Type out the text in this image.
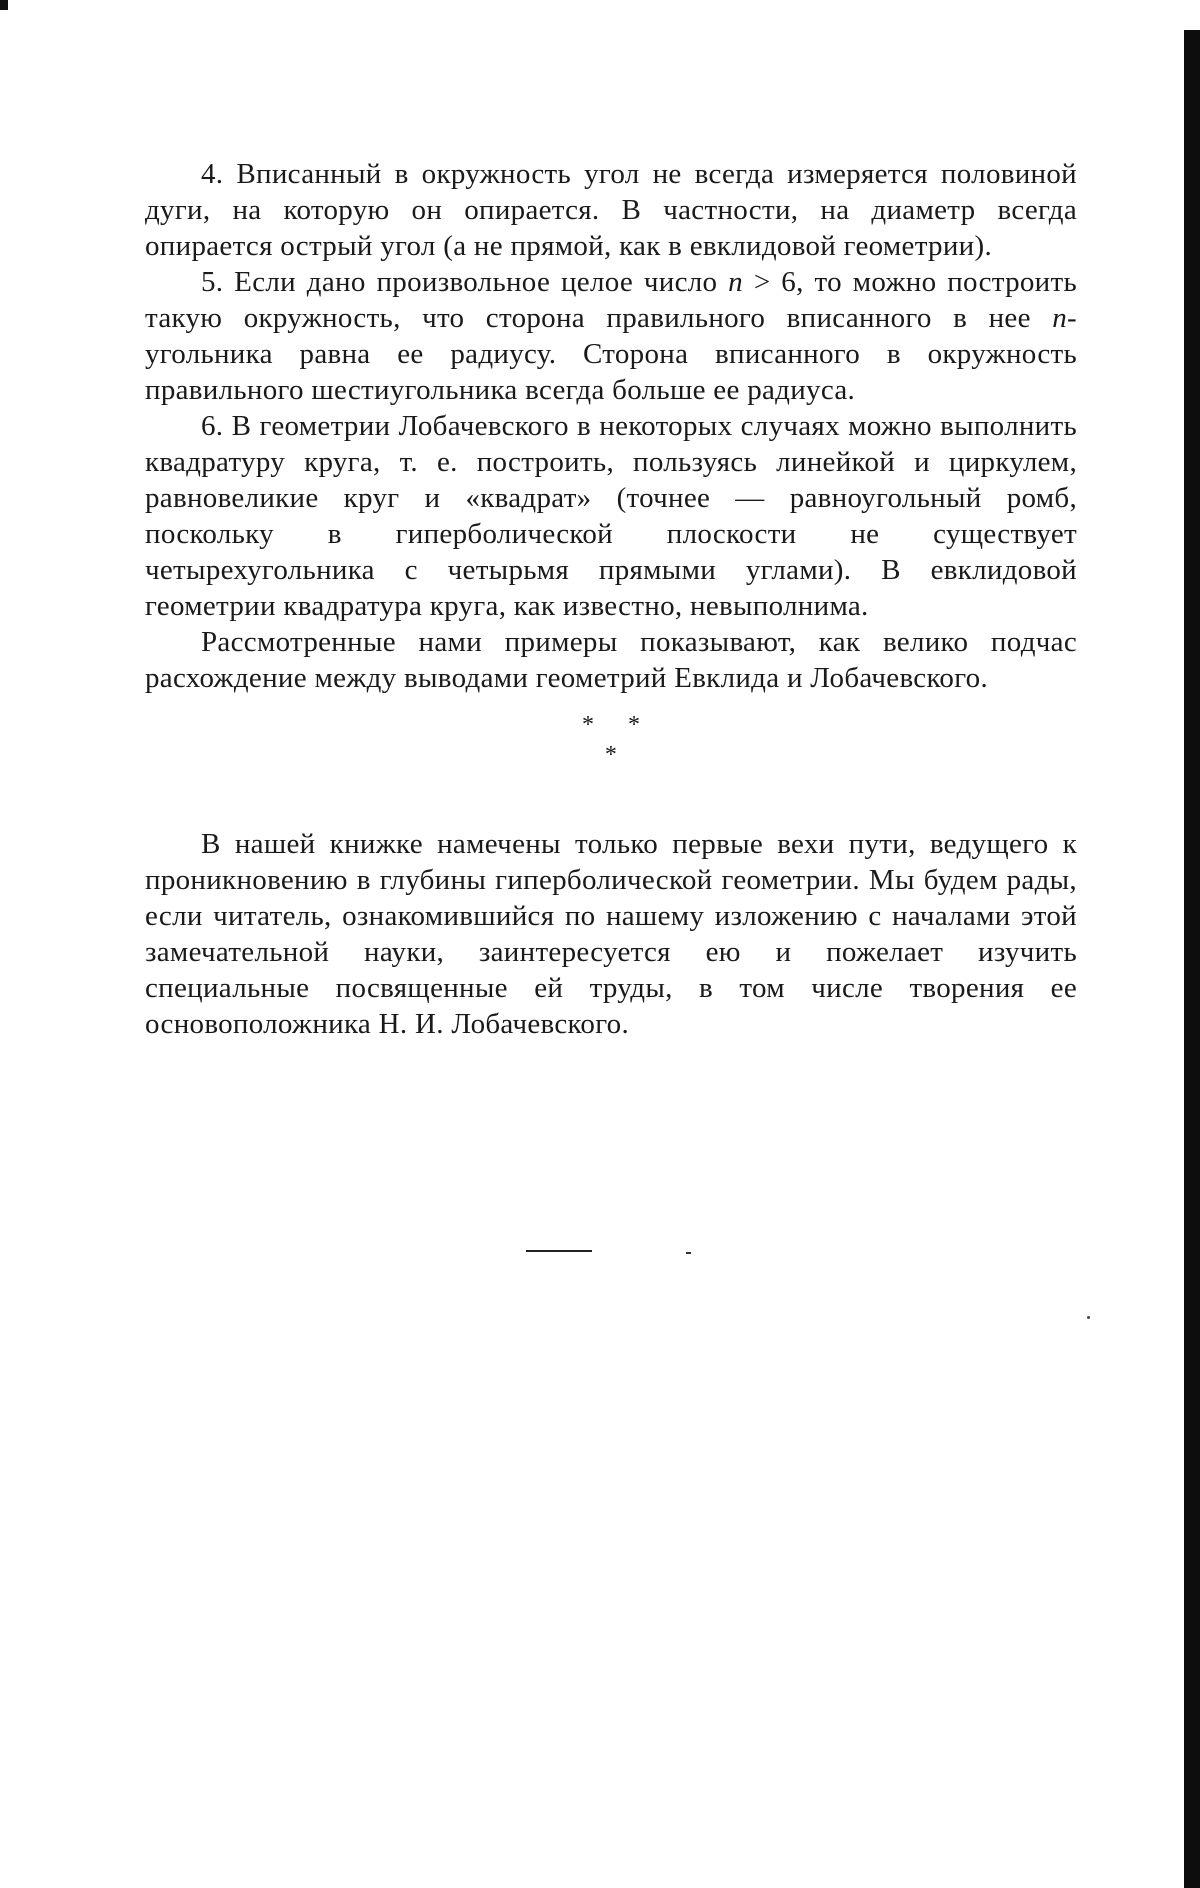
4. Вписанный в окружность угол не всегда измеряется половиной дуги, на которую он опирается. В частности, на диаметр всегда опирается острый угол (а не прямой, как в евклидовой геометрии).

5. Если дано произвольное целое число n > 6, то можно построить такую окружность, что сторона правильного вписанного в нее n-угольника равна ее радиусу. Сторона вписанного в окружность правильного шестиугольника всегда больше ее радиуса.

6. В геометрии Лобачевского в некоторых случаях можно выполнить квадратуру круга, т. е. построить, пользуясь линейкой и циркулем, равновеликие круг и «квадрат» (точнее — равноугольный ромб, поскольку в гиперболической плоскости не существует четырехугольника с четырьмя прямыми углами). В евклидовой геометрии квадратура круга, как известно, невыполнима.

Рассмотренные нами примеры показывают, как велико подчас расхождение между выводами геометрий Евклида и Лобачевского.

* *
*

В нашей книжке намечены только первые вехи пути, ведущего к проникновению в глубины гиперболической геометрии. Мы будем рады, если читатель, ознакомившийся по нашему изложению с началами этой замечательной науки, заинтересуется ею и пожелает изучить специальные посвященные ей труды, в том числе творения ее основоположника Н. И. Лобачевского.
